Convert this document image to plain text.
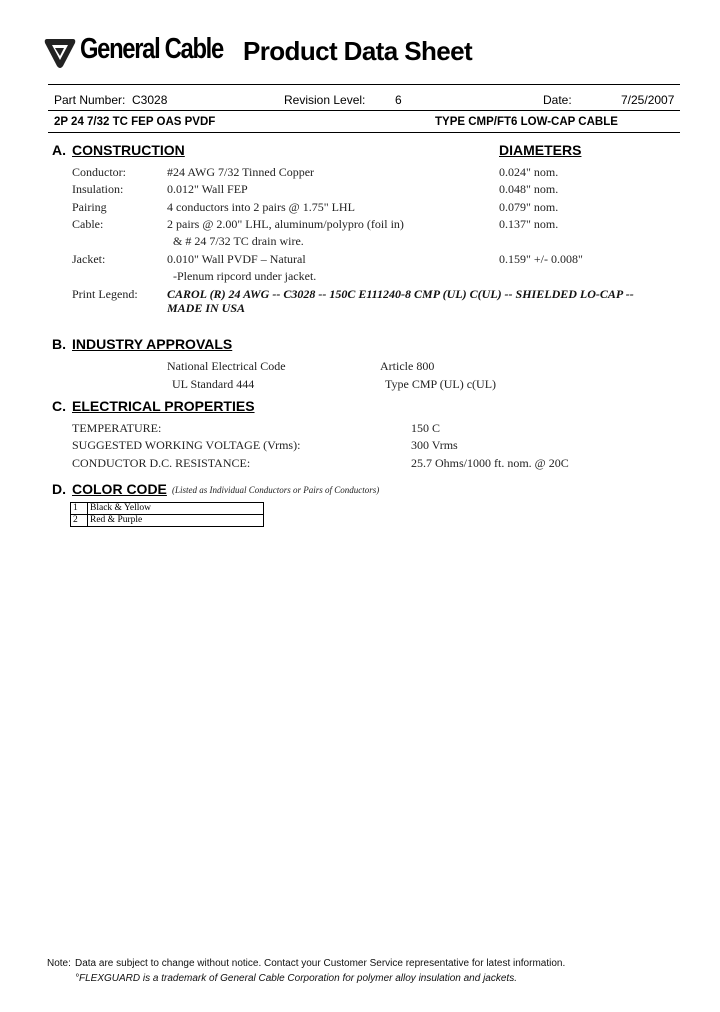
General Cable Product Data Sheet
Part Number: C3028	Revision Level: 6	Date:	7/25/2007
2P 24 7/32 TC FEP OAS PVDF	TYPE CMP/FT6 LOW-CAP CABLE
A. CONSTRUCTION	DIAMETERS
Conductor:	#24 AWG 7/32 Tinned Copper	0.024" nom.
Insulation:	0.012" Wall FEP	0.048" nom.
Pairing	4 conductors into 2 pairs @ 1.75" LHL	0.079" nom.
Cable:	2 pairs @ 2.00" LHL, aluminum/polypro (foil in)	0.137" nom.
& # 24 7/32 TC drain wire.
Jacket:	0.010" Wall PVDF – Natural	0.159" +/- 0.008"
-Plenum ripcord under jacket.
Print Legend: CAROL (R) 24 AWG -- C3028 -- 150C E111240-8 CMP (UL) C(UL) -- SHIELDED LO-CAP --
MADE IN USA
B. INDUSTRY APPROVALS
National Electrical Code	Article 800
UL Standard 444	Type CMP (UL) c(UL)
C. ELECTRICAL PROPERTIES
TEMPERATURE:	150 C
SUGGESTED WORKING VOLTAGE (Vrms):	300 Vrms
CONDUCTOR D.C. RESISTANCE:	25.7 Ohms/1000 ft. nom. @ 20C
D. COLOR CODE (Listed as Individual Conductors or Pairs of Conductors)
1	Black & Yellow
2	Red & Purple
Note: Data are subject to change without notice. Contact your Customer Service representative for latest information.
°FLEXGUARD is a trademark of General Cable Corporation for polymer alloy insulation and jackets.
